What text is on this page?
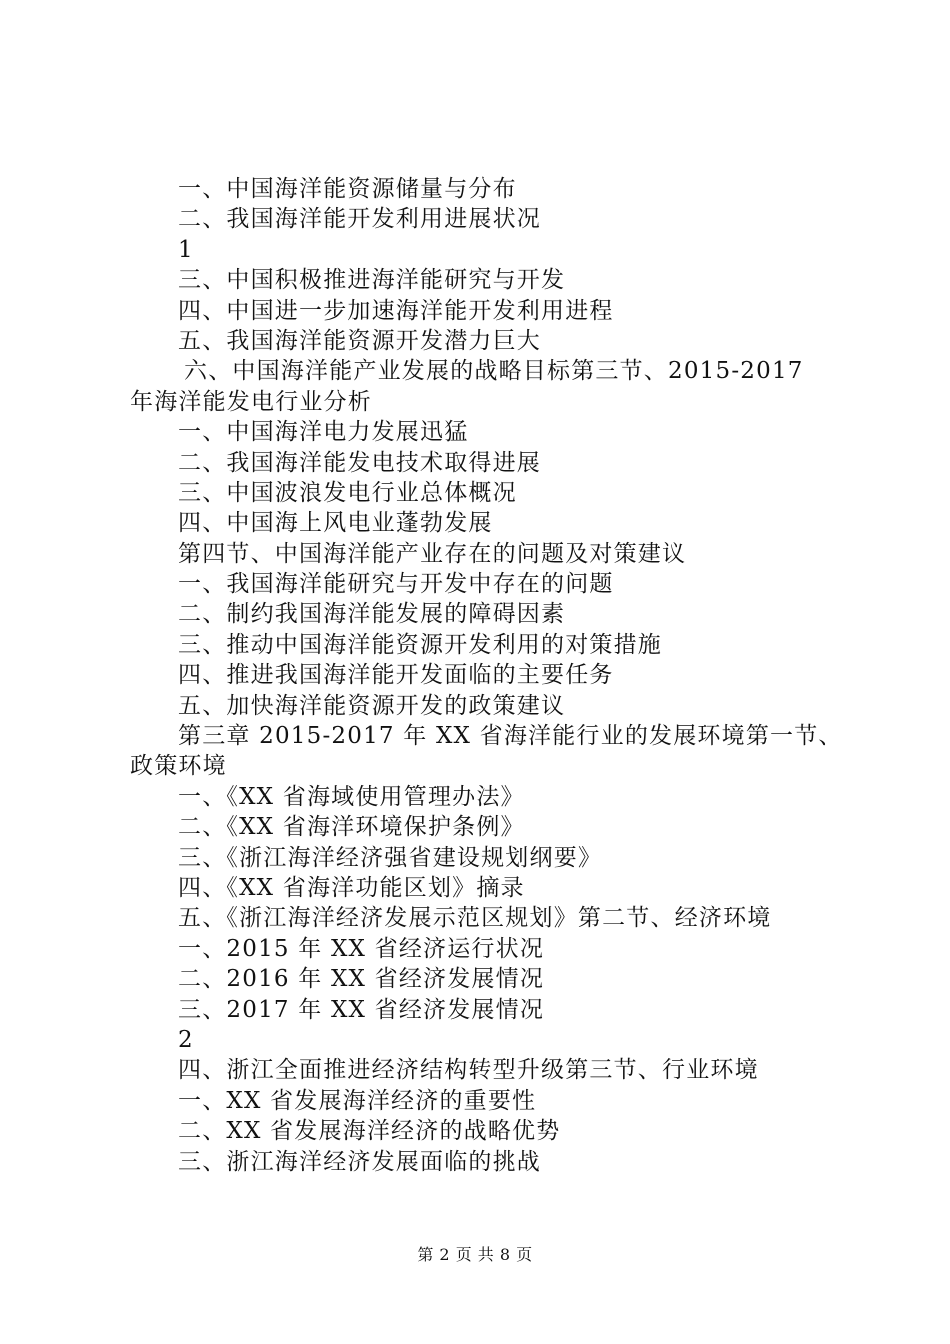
一、中国海洋能资源储量与分布
二、我国海洋能开发利用进展状况
1
三、中国积极推进海洋能研究与开发
四、中国进一步加速海洋能开发利用进程
五、我国海洋能资源开发潜力巨大
六、中国海洋能产业发展的战略目标第三节、2015-2017
年海洋能发电行业分析
一、中国海洋电力发展迅猛
二、我国海洋能发电技术取得进展
三、中国波浪发电行业总体概况
四、中国海上风电业蓬勃发展
第四节、中国海洋能产业存在的问题及对策建议
一、我国海洋能研究与开发中存在的问题
二、制约我国海洋能发展的障碍因素
三、推动中国海洋能资源开发利用的对策措施
四、推进我国海洋能开发面临的主要任务
五、加快海洋能资源开发的政策建议
第三章 2015-2017 年 XX 省海洋能行业的发展环境第一节、
政策环境
一、《XX 省海域使用管理办法》
二、《XX 省海洋环境保护条例》
三、《浙江海洋经济强省建设规划纲要》
四、《XX 省海洋功能区划》摘录
五、《浙江海洋经济发展示范区规划》第二节、经济环境
一、2015 年 XX 省经济运行状况
二、2016 年 XX 省经济发展情况
三、2017 年 XX 省经济发展情况
2
四、浙江全面推进经济结构转型升级第三节、行业环境
一、XX 省发展海洋经济的重要性
二、XX 省发展海洋经济的战略优势
三、浙江海洋经济发展面临的挑战
第 2 页 共 8 页
